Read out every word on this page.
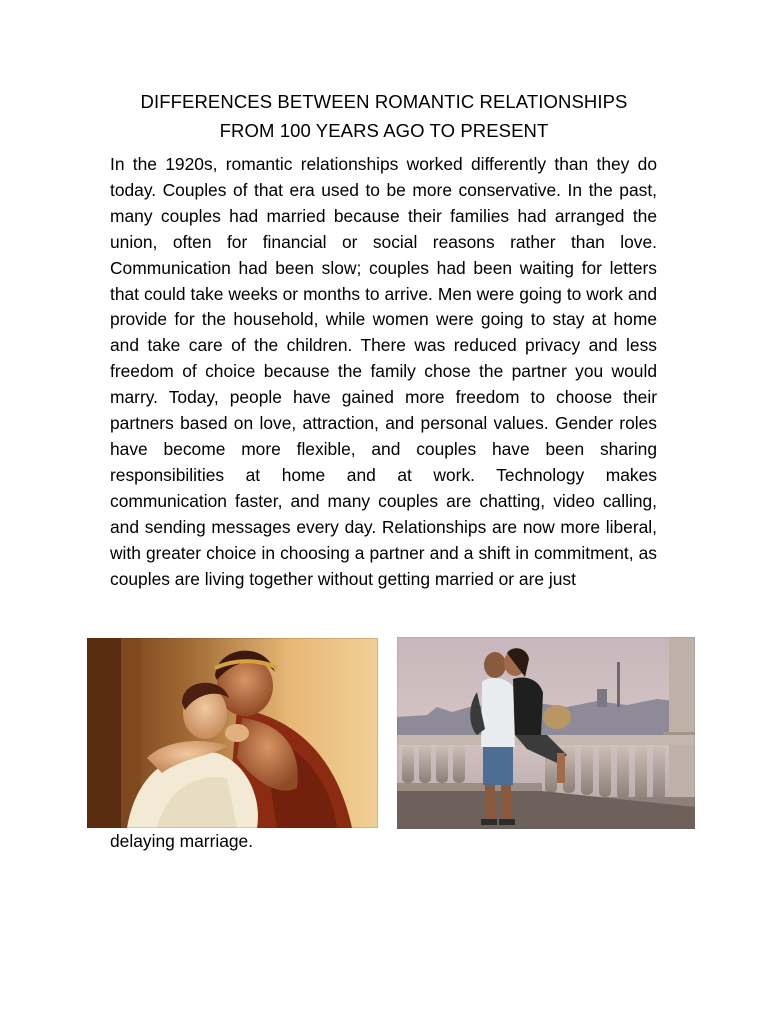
DIFFERENCES BETWEEN ROMANTIC RELATIONSHIPS
FROM 100 YEARS AGO TO PRESENT

In the 1920s, romantic relationships worked differently than they do today. Couples of that era used to be more conservative. In the past, many couples had married because their families had arranged the union, often for financial or social reasons rather than love. Communication had been slow; couples had been waiting for letters that could take weeks or months to arrive. Men were going to work and provide for the household, while women were going to stay at home and take care of the children. There was reduced privacy and less freedom of choice because the family chose the partner you would marry. Today, people have gained more freedom to choose their partners based on love, attraction, and personal values. Gender roles have become more flexible, and couples have been sharing responsibilities at home and at work. Technology makes communication faster, and many couples are chatting, video calling, and sending messages every day. Relationships are now more liberal, with greater choice in choosing a partner and a shift in commitment, as couples are living together without getting married or are just

delaying marriage.
